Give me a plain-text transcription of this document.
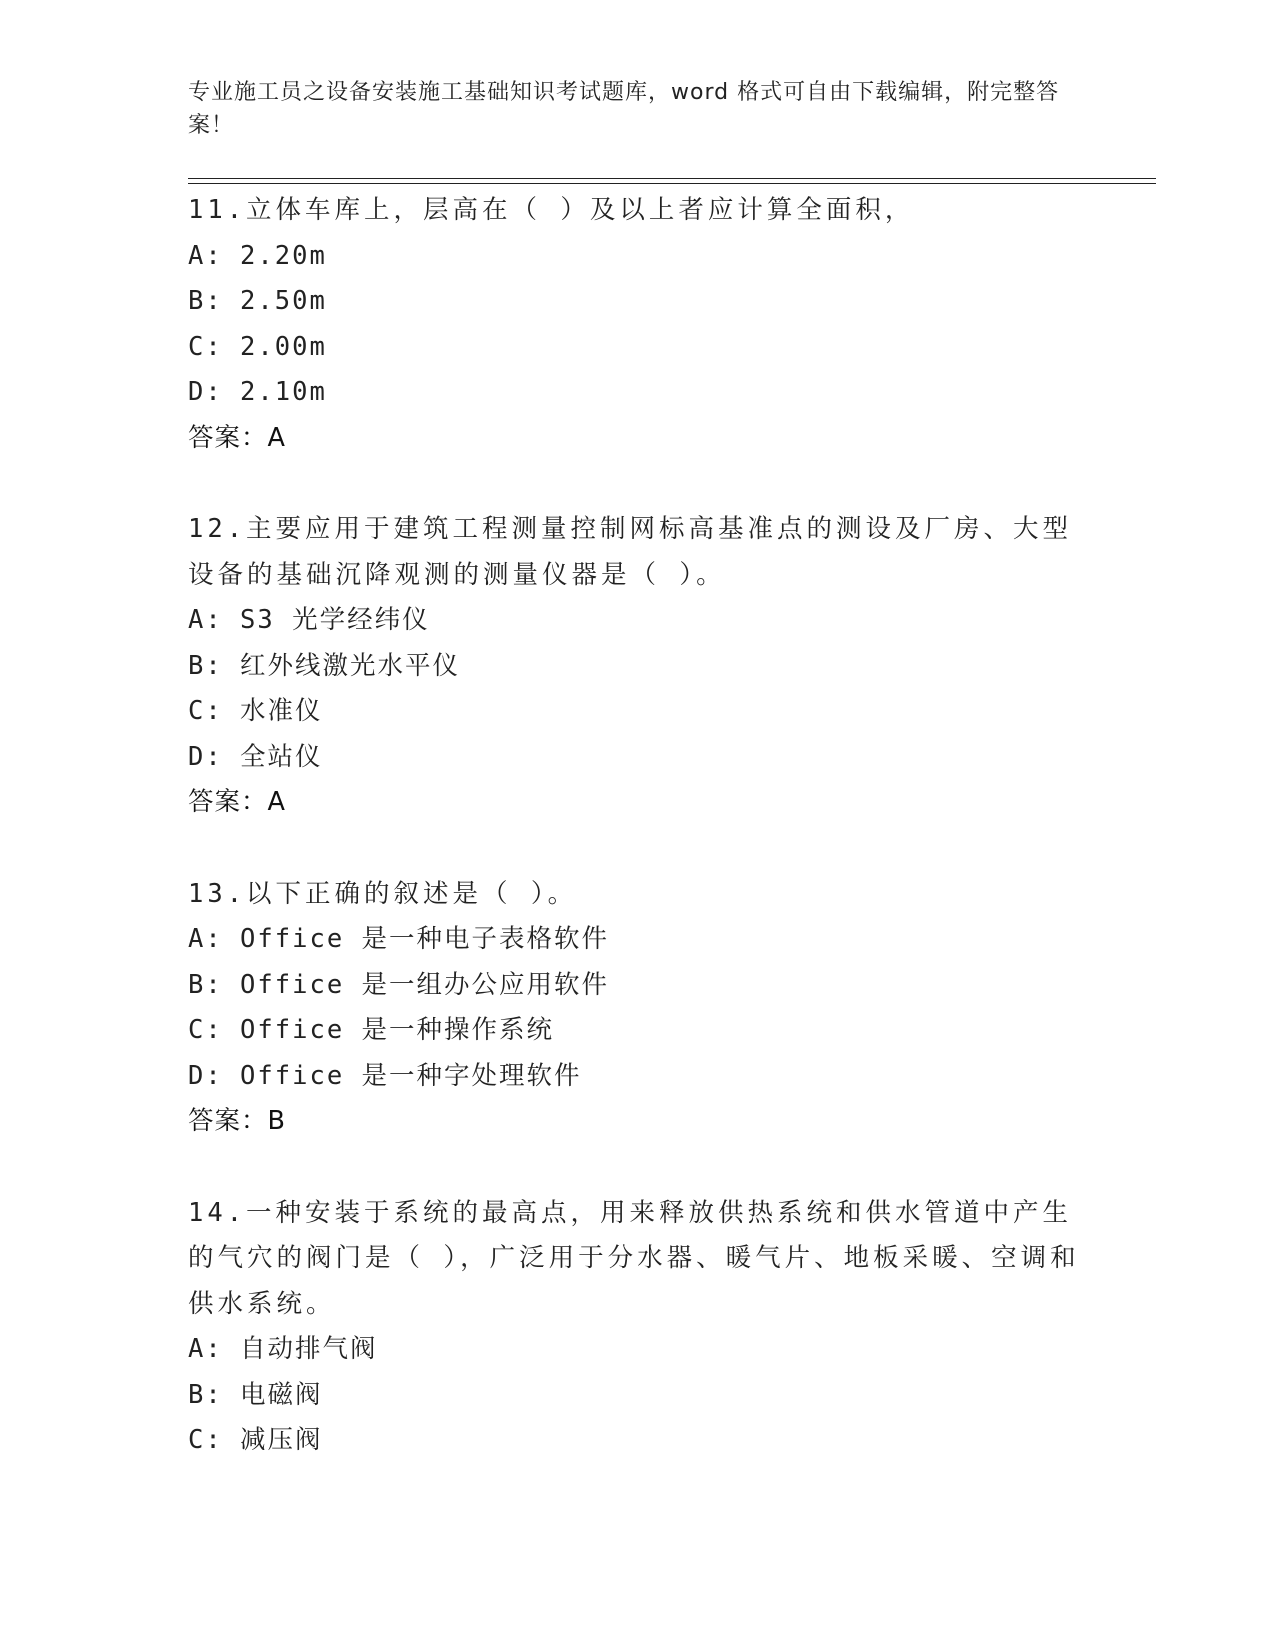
专业施工员之设备安装施工基础知识考试题库，word 格式可自由下载编辑，附完整答案！
11.立体车库上，层高在（ ）及以上者应计算全面积，
A: 2.20m
B: 2.50m
C: 2.00m
D: 2.10m
答案：A
12.主要应用于建筑工程测量控制网标高基准点的测设及厂房、大型设备的基础沉降观测的测量仪器是（ ）。
A: S3 光学经纬仪
B: 红外线激光水平仪
C: 水准仪
D: 全站仪
答案：A
13.以下正确的叙述是（ ）。
A: Office 是一种电子表格软件
B: Office 是一组办公应用软件
C: Office 是一种操作系统
D: Office 是一种字处理软件
答案：B
14.一种安装于系统的最高点，用来释放供热系统和供水管道中产生的气穴的阀门是（ ），广泛用于分水器、暖气片、地板采暖、空调和供水系统。
A: 自动排气阀
B: 电磁阀
C: 减压阀
